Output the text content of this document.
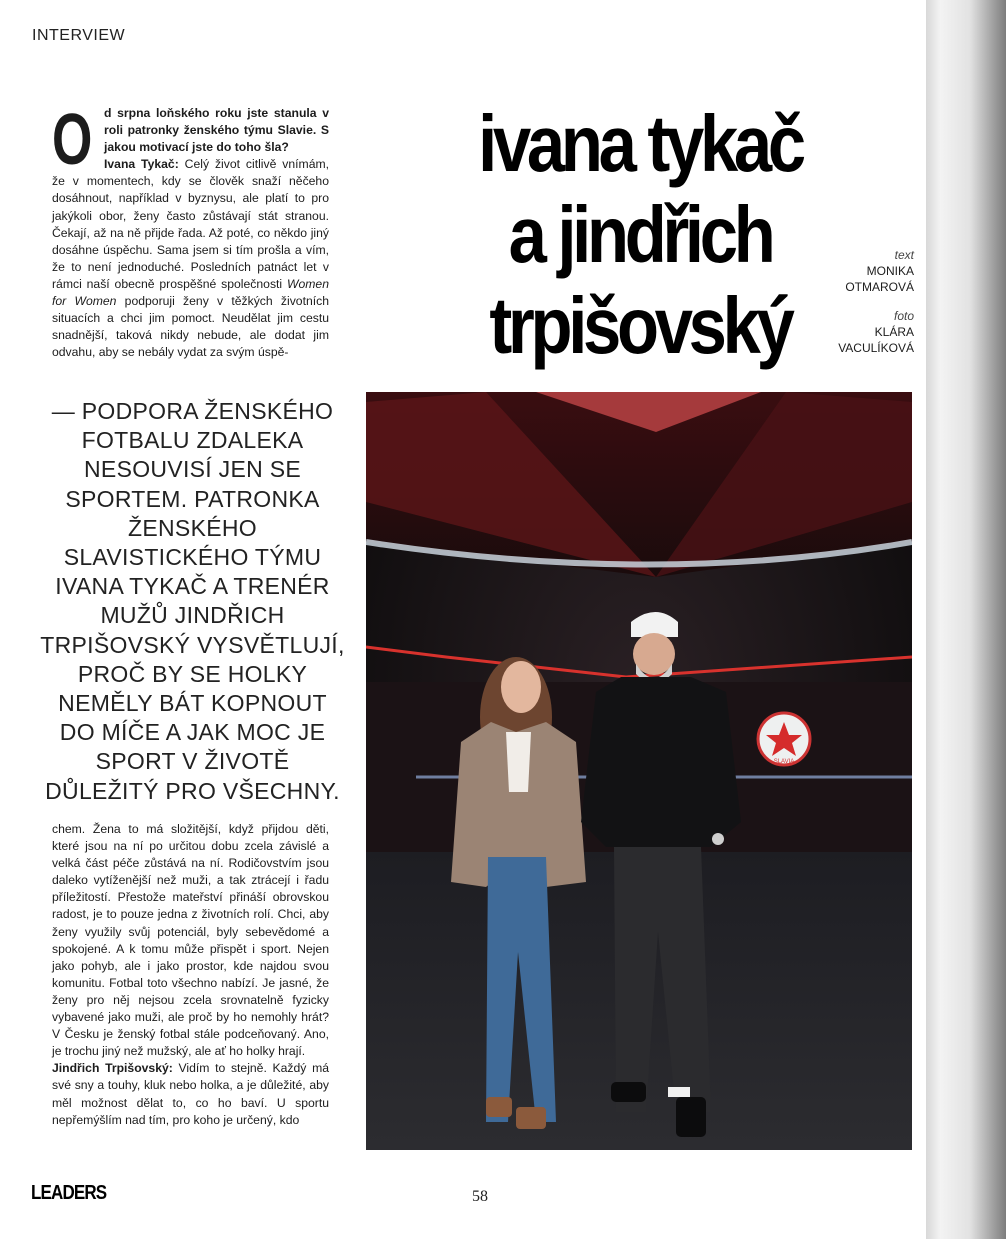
INTERVIEW
Od srpna loňského roku jste stanula v roli patronky ženského týmu Slavie. S jakou motivací jste do toho šla?
Ivana Tykač: Celý život citlivě vnímám, že v momentech, kdy se člověk snaží něčeho dosáhnout, například v byznysu, ale platí to pro jakýkoli obor, ženy často zůstávají stát stranou. Čekají, až na ně přijde řada. Až poté, co někdo jiný dosáhne úspěchu. Sama jsem si tím prošla a vím, že to není jednoduché. Posledních patnáct let v rámci naší obecně prospěšné společnosti Women for Women podporuji ženy v těžkých životních situacích a chci jim pomoct. Neudělat jim cestu snadnější, taková nikdy nebude, ale dodat jim odvahu, aby se nebály vydat za svým úspě-
— PODPORA ŽENSKÉHO FOTBALU ZDALEKA NESOUVISÍ JEN SE SPORTEM. PATRONKA ŽENSKÉHO SLAVISTICKÉHO TÝMU IVANA TYKAČ A TRENÉR MUŽŮ JINDŘICH TRPIŠOVSKÝ VYSVĚTLUJÍ, PROČ BY SE HOLKY NEMĚLY BÁT KOPNOUT DO MÍČE A JAK MOC JE SPORT V ŽIVOTĚ DŮLEŽITÝ PRO VŠECHNY.
chem. Žena to má složitější, když přijdou děti, které jsou na ní po určitou dobu zcela závislé a velká část péče zůstává na ní. Rodičovstvím jsou daleko vytíženější než muži, a tak ztrácejí i řadu příležitostí. Přestože mateřství přináší obrovskou radost, je to pouze jedna z životních rolí. Chci, aby ženy využily svůj potenciál, byly sebevědomé a spokojené. A k tomu může přispět i sport. Nejen jako pohyb, ale i jako prostor, kde najdou svou komunitu. Fotbal toto všechno nabízí. Je jasné, že ženy pro něj nejsou zcela srovnatelně fyzicky vybavené jako muži, ale proč by ho nemohly hrát? V Česku je ženský fotbal stále podceňovaný. Ano, je trochu jiný než mužský, ale ať ho holky hrají.
Jindřich Trpišovský: Vidím to stejně. Každý má své sny a touhy, kluk nebo holka, a je důležité, aby měl možnost dělat to, co ho baví. U sportu nepřemýšlím nad tím, pro koho je určený, kdo
ivana tykač
a jindřich
trpišovský
text
MONIKA
OTMAROVÁ
foto
KLÁRA
VACULÍKOVÁ
SLAVIA
LEADERS	58
